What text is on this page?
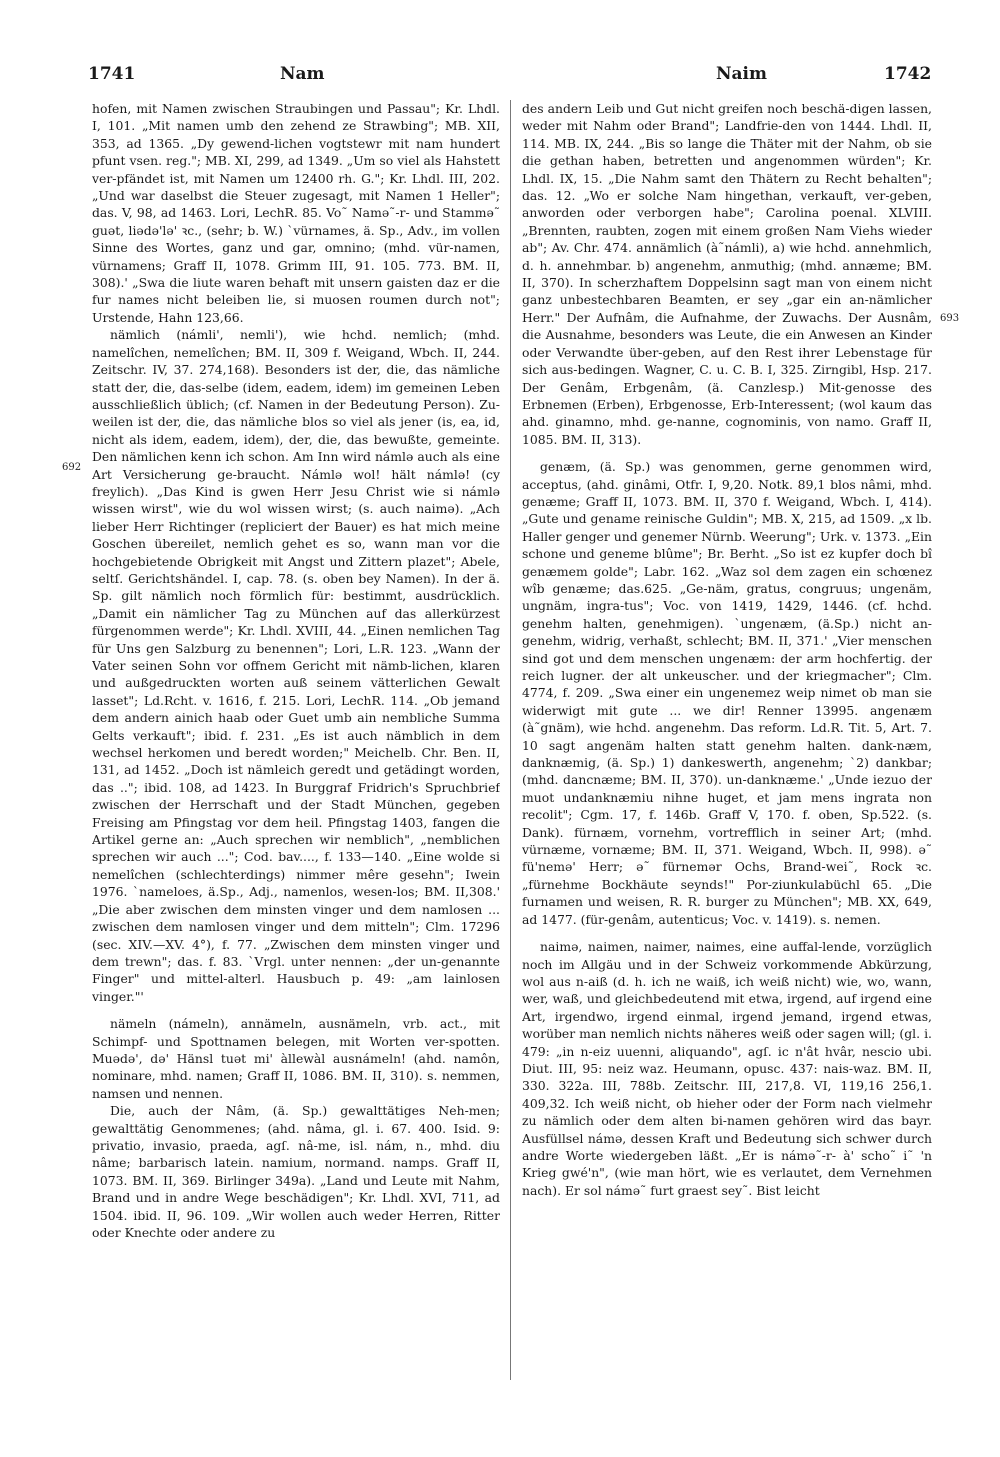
1741	Nam	Naim	1742
692
693

hofen, mit Namen zwischen Straubingen und Passau"; Kr. Lhdl. I, 101. „Mit namen umb den zehend ze Strawbing"; MB. XII, 353, ad 1365. „Dy gewend-lichen vogtstewr mit nam hundert pfunt vsen. reg."; MB. XI, 299, ad 1349. „Um so viel als Hahstett ver-pfändet ist, mit Namen um 12400 rh. G."; Kr. Lhdl. III, 202. „Und war daselbst die Steuer zugesagt, mit Namen 1 Heller"; das. V, 98, ad 1463. Lori, LechR. 85. Vo˜ Namə˜-r- und Stammə˜ guət, liədə'lə' ꝛc., (sehr; b. W.) `vürnames, ä. Sp., Adv., im vollen Sinne des Wortes, ganz und gar, omnino; (mhd. vür-namen, vürnamens; Graff II, 1078. Grimm III, 91. 105. 773. BM. II, 308).' „Swa die liute waren behaft mit unsern gaisten daz er die fur names nicht beleiben lie, si muosen roumen durch not"; Urstende, Hahn 123,66.

nämlich (námli', nemli'), wie hchd. nemlich; (mhd. namelîchen, nemelîchen; BM. II, 309 f. Weigand, Wbch. II, 244. Zeitschr. IV, 37. 274,168). Besonders ist der, die, das nämliche statt der, die, das-selbe (idem, eadem, idem) im gemeinen Leben ausschließlich üblich; (cf. Namen in der Bedeutung Person). Zu-weilen ist der, die, das nämliche blos so viel als jener (is, ea, id, nicht als idem, eadem, idem), der, die, das bewußte, gemeinte. Den nämlichen kenn ich schon. Am Inn wird námlə auch als eine Art Versicherung ge-braucht. Námlə wol! hält námlə! (cy freylich). „Das Kind is gwen Herr Jesu Christ wie si námlə wissen wirst", wie du wol wissen wirst; (s. auch naimə). „Ach lieber Herr Richtinger (repliciert der Bauer) es hat mich meine Goschen übereilet, nemlich gehet es so, wann man vor die hochgebietende Obrigkeit mit Angst und Zittern plazet"; Abele, seltſ. Gerichtshändel. I, cap. 78. (s. oben bey Namen). In der ä. Sp. gilt nämlich noch förmlich für: bestimmt, ausdrücklich. „Damit ein nämlicher Tag zu München auf das allerkürzest fürgenommen werde"; Kr. Lhdl. XVIII, 44. „Einen nemlichen Tag für Uns gen Salzburg zu benennen"; Lori, L.R. 123. „Wann der Vater seinen Sohn vor offnem Gericht mit nämb-lichen, klaren und außgedruckten worten auß seinem vätterlichen Gewalt lasset"; Ld.Rcht. v. 1616, f. 215. Lori, LechR. 114. „Ob jemand dem andern ainich haab oder Guet umb ain nembliche Summa Gelts verkauft"; ibid. f. 231. „Es ist auch nämblich in dem wechsel herkomen und beredt worden;" Meichelb. Chr. Ben. II, 131, ad 1452. „Doch ist nämleich geredt und getädingt worden, das .."; ibid. 108, ad 1423. In Burggraf Fridrich's Spruchbrief zwischen der Herrschaft und der Stadt München, gegeben Freising am Pfingstag vor dem heil. Pfingstag 1403, fangen die Artikel gerne an: „Auch sprechen wir nemblich", „nemblichen sprechen wir auch ..."; Cod. bav...., f. 133—140. „Eine wolde si nemelîchen (schlechterdings) nimmer mêre gesehn"; Iwein 1976. `nameloes, ä.Sp., Adj., namenlos, wesen-los; BM. II,308.' „Die aber zwischen dem minsten vinger und dem namlosen ... zwischen dem namlosen vinger und dem mitteln"; Clm. 17296 (sec. XIV.—XV. 4°), f. 77. „Zwischen dem minsten vinger und dem trewn"; das. f. 83. `Vrgl. unter nennen: „der un-genannte Finger" und mittel-alterl. Hausbuch p. 49: „am lainlosen vinger."'

nämeln (námeln), annämeln, ausnämeln, vrb. act., mit Schimpf- und Spottnamen belegen, mit Worten ver-spotten. Muədə', də' Hänsl tuət mi' àllewàl ausnámeln! (ahd. namôn, nominare, mhd. namen; Graff II, 1086. BM. II, 310). s. nemmen, namsen und nennen.

Die, auch der Nâm, (ä. Sp.) gewalttätiges Neh-men; gewalttätig Genommenes; (ahd. nâma, gl. i. 67. 400. Isid. 9: privatio, invasio, praeda, agſ. nâ-me, isl. nám, n., mhd. diu nâme; barbarisch latein. namium, normand. namps. Graff II, 1073. BM. II, 369. Birlinger 349a). „Land und Leute mit Nahm, Brand und in andre Wege beschädigen"; Kr. Lhdl. XVI, 711, ad 1504. ibid. II, 96. 109. „Wir wollen auch weder Herren, Ritter oder Knechte oder andere zu

des andern Leib und Gut nicht greifen noch beschä-digen lassen, weder mit Nahm oder Brand"; Landfrie-den von 1444. Lhdl. II, 114. MB. IX, 244. „Bis so lange die Thäter mit der Nahm, ob sie die gethan haben, betretten und angenommen würden"; Kr. Lhdl. IX, 15. „Die Nahm samt den Thätern zu Recht behalten"; das. 12. „Wo er solche Nam hingethan, verkauft, ver-geben, anworden oder verborgen habe"; Carolina poenal. XLVIII. „Brennten, raubten, zogen mit einem großen Nam Viehs wieder ab"; Av. Chr. 474. annämlich (à˜námli), a) wie hchd. annehmlich, d. h. annehmbar. b) angenehm, anmuthig; (mhd. annæme; BM. II, 370). In scherzhaftem Doppelsinn sagt man von einem nicht ganz unbestechbaren Beamten, er sey „gar ein an-nämlicher Herr." Der Aufnâm, die Aufnahme, der Zuwachs. Der Ausnâm, die Ausnahme, besonders was Leute, die ein Anwesen an Kinder oder Verwandte über-geben, auf den Rest ihrer Lebenstage für sich aus-bedingen. Wagner, C. u. C. B. I, 325. Zirngibl, Hsp. 217. Der Genâm, Erbgenâm, (ä. Canzlesp.) Mit-genosse des Erbnemen (Erben), Erbgenosse, Erb-Interessent; (wol kaum das ahd. ginamno, mhd. ge-nanne, cognominis, von namo. Graff II, 1085. BM. II, 313).

genæm, (ä. Sp.) was genommen, gerne genommen wird, acceptus, (ahd. ginâmi, Otfr. I, 9,20. Notk. 89,1 blos nâmi, mhd. genæme; Graff II, 1073. BM. II, 370 f. Weigand, Wbch. I, 414). „Gute und gename reinische Guldin"; MB. X, 215, ad 1509. „x lb. Haller genger und genemer Nürnb. Weerung"; Urk. v. 1373. „Ein schone und geneme blûme"; Br. Berht. „So ist ez kupfer doch bî genæmem golde"; Labr. 162. „Waz sol dem zagen ein schœnez wîb genæme; das.625. „Ge-näm, gratus, congruus; ungenäm, ungnäm, ingra-tus"; Voc. von 1419, 1429, 1446. (cf. hchd. genehm halten, genehmigen). `ungenæm, (ä.Sp.) nicht an-genehm, widrig, verhaßt, schlecht; BM. II, 371.' „Vier menschen sind got und dem menschen ungenæm: der arm hochfertig. der reich lugner. der alt unkeuscher. und der kriegmacher"; Clm. 4774, f. 209. „Swa einer ein ungenemez weip nimet ob man sie widerwigt mit gute ... we dir! Renner 13995. angenæm (à˜gnäm), wie hchd. angenehm. Das reform. Ld.R. Tit. 5, Art. 7. 10 sagt angenäm halten statt genehm halten. dank-næm, danknæmig, (ä. Sp.) 1) dankeswerth, angenehm; `2) dankbar; (mhd. dancnæme; BM. II, 370). un-danknæme.' „Unde iezuo der muot undanknæmiu nihne huget, et jam mens ingrata non recolit"; Cgm. 17, f. 146b. Graff V, 170. f. oben, Sp.522. (s. Dank). fürnæm, vornehm, vortrefflich in seiner Art; (mhd. vürnæme, vornæme; BM. II, 371. Weigand, Wbch. II, 998). ə˜ fü'nemə' Herr; ə˜ fürnemər Ochs, Brand-wei˜, Rock ꝛc. „fürnehme Bockhäute seynds!" Por-ziunkulabüchl 65. „Die furnamen und weisen, R. R. burger zu München"; MB. XX, 649, ad 1477. (für-genâm, autenticus; Voc. v. 1419). s. nemen.

naimə, naimen, naimer, naimes, eine auffal-lende, vorzüglich noch im Allgäu und in der Schweiz vorkommende Abkürzung, wol aus n-aiß (d. h. ich ne waiß, ich weiß nicht) wie, wo, wann, wer, waß, und gleichbedeutend mit etwa, irgend, auf irgend eine Art, irgendwo, irgend einmal, irgend jemand, irgend etwas, worüber man nemlich nichts näheres weiß oder sagen will; (gl. i. 479: „in n-eiz uuenni, aliquando", agſ. ic n'ât hvâr, nescio ubi. Diut. III, 95: neiz waz. Heumann, opusc. 437: nais-waz. BM. II, 330. 322a. III, 788b. Zeitschr. III, 217,8. VI, 119,16 256,1. 409,32. Ich weiß nicht, ob hieher oder der Form nach vielmehr zu nämlich oder dem alten bi-namen gehören wird das bayr. Ausfüllsel námə, dessen Kraft und Bedeutung sich schwer durch andre Worte wiedergeben läßt. „Er is námə˜-r- à' scho˜ i˜ 'n Krieg gwé'n", (wie man hört, wie es verlautet, dem Vernehmen nach). Er sol námə˜ furt graest sey˜. Bist leicht
